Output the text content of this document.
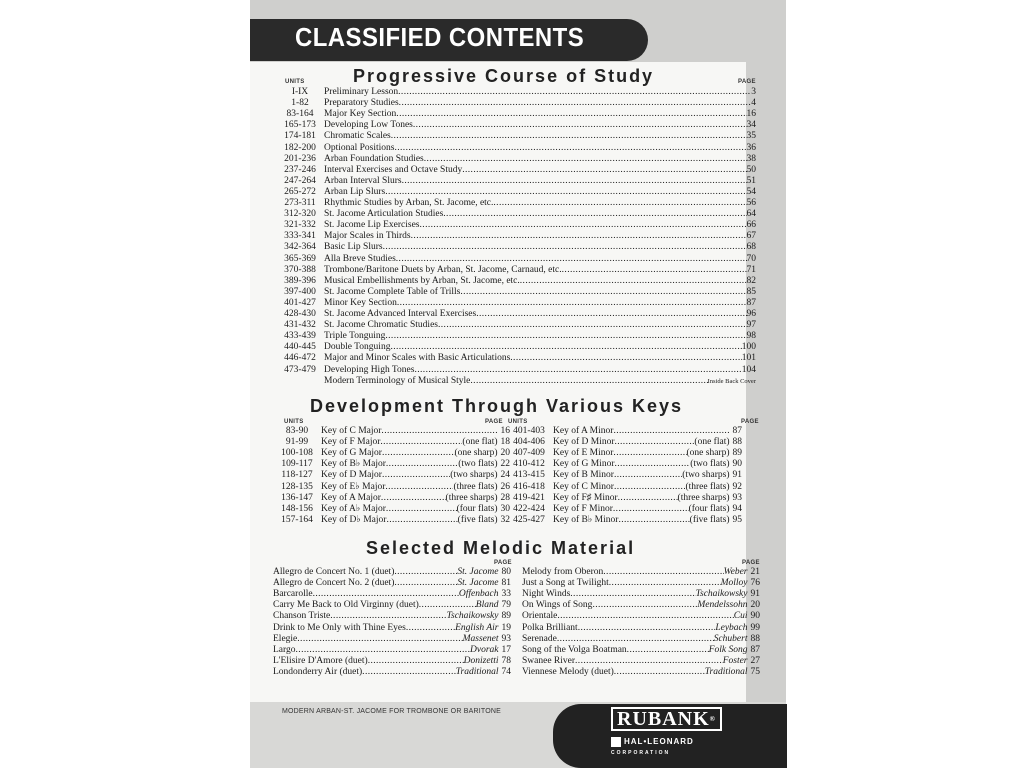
CLASSIFIED CONTENTS
Progressive Course of Study
UNITS	PAGE
I-IX	Preliminary Lesson .....	3
1-82	Preparatory Studies .....	4
83-164	Major Key Section .....	16
165-173 Developing Low Tones .....	34
174-181 Chromatic Scales .....	35
182-200 Optional Positions .....	36
201-236 Arban Foundation Studies .....	38
237-246 Interval Exercises and Octave Study .....	50
247-264 Arban Interval Slurs .....	51
265-272 Arban Lip Slurs .....	54
273-311 Rhythmic Studies by Arban, St. Jacome, etc. .....	56
312-320 St. Jacome Articulation Studies .....	64
321-332 St. Jacome Lip Exercises .....	66
333-341 Major Scales in Thirds .....	67
342-364 Basic Lip Slurs .....	68
365-369 Alla Breve Studies .....	70
370-388 Trombone/Baritone Duets by Arban, St. Jacome, Carnaud, etc. .....	71
389-396 Musical Embellishments by Arban, St. Jacome, etc. .....	82
397-400 St. Jacome Complete Table of Trills .....	85
401-427 Minor Key Section .....	87
428-430 St. Jacome Advanced Interval Exercises .....	96
431-432 St. Jacome Chromatic Studies .....	97
433-439 Triple Tonguing .....	98
440-445 Double Tonguing .....	100
446-472 Major and Minor Scales with Basic Articulations .....	101
473-479 Developing High Tones .....	104
Modern Terminology of Musical Style .....	Inside Back Cover
Development Through Various Keys
UNITS	PAGE UNITS	PAGE
83-90	Key of C Major .....	16
91-99	Key of F Major .....	(one flat) 18
100-108 Key of G Major .....	(one sharp) 20
109-117 Key of B♭ Major .....	(two flats) 22
118-127 Key of D Major .....	(two sharps) 24
128-135 Key of E♭ Major .....	(three flats) 26
136-147 Key of A Major .....	(three sharps) 28
148-156 Key of A♭ Major .....	(four flats) 30
157-164 Key of D♭ Major .....	(five flats) 32
401-403 Key of A Minor .....	87
404-406 Key of D Minor .....	(one flat) 88
407-409 Key of E Minor .....	(one sharp) 89
410-412 Key of G Minor .....	(two flats) 90
413-415 Key of B Minor .....	(two sharps) 91
416-418 Key of C Minor .....	(three flats) 92
419-421 Key of F♯ Minor .....	(three sharps) 93
422-424 Key of F Minor .....	(four flats) 94
425-427 Key of B♭ Minor .....	(five flats) 95
Selected Melodic Material
PAGE	PAGE
Allegro de Concert No. 1 (duet) .....	St. Jacome 80
Allegro de Concert No. 2 (duet) .....	St. Jacome 81
Barcarolle .....	Offenbach 33
Carry Me Back to Old Virginny (duet) .....	Bland 79
Chanson Triste .....	Tschaikowsky 89
Drink to Me Only with Thine Eyes .....	English Air 19
Elegie .....	Massenet 93
Largo .....	Dvorak 17
L'Elisire D'Amore (duet) .....	Donizetti 78
Londonderry Air (duet) .....	Traditional 74
Melody from Oberon .....	Weber 21
Just a Song at Twilight .....	Molloy 76
Night Winds .....	Tschaikowsky 91
On Wings of Song .....	Mendelssohn 20
Orientale .....	Cui 90
Polka Brilliant .....	Leybach 99
Serenade .....	Schubert 88
Song of the Volga Boatman .....	Folk Song 87
Swanee River .....	Foster 27
Viennese Melody (duet) .....	Traditional 75
MODERN ARBAN-ST. JACOME FOR TROMBONE OR BARITONE	RUBANK®
HAL•LEONARD
CORPORATION
